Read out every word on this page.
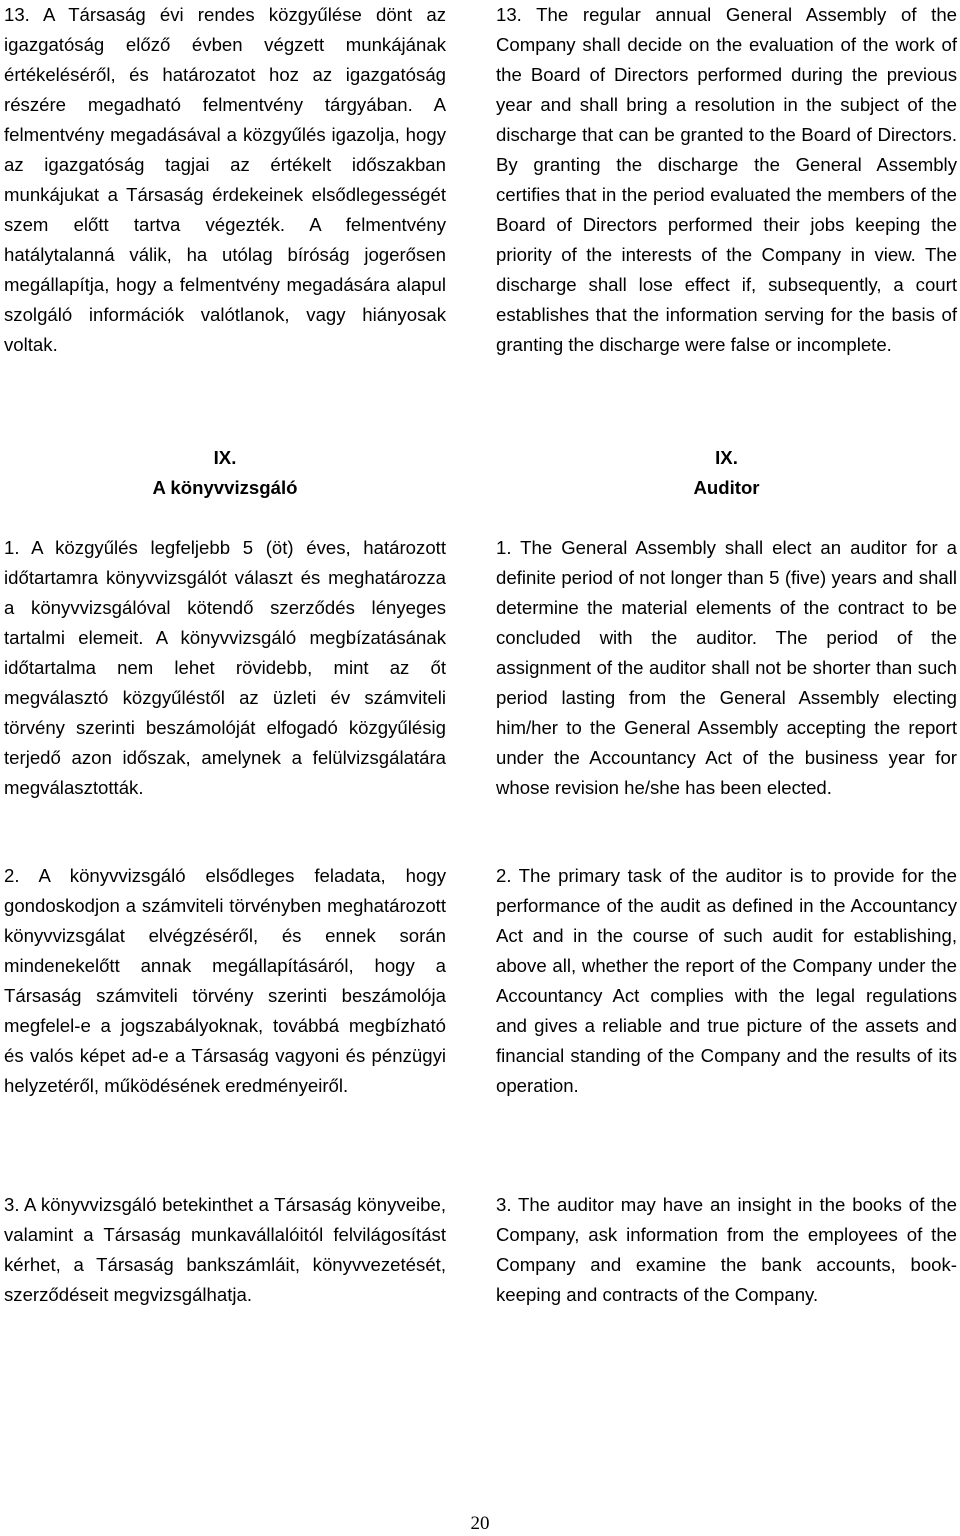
13. A Társaság évi rendes közgyűlése dönt az igazgatóság előző évben végzett munkájának értékeléséről, és határozatot hoz az igazgatóság részére megadható felmentvény tárgyában. A felmentvény megadásával a közgyűlés igazolja, hogy az igazgatóság tagjai az értékelt időszakban munkájukat a Társaság érdekeinek elsődlegességét szem előtt tartva végezték. A felmentvény hatálytalanná válik, ha utólag bíróság jogerősen megállapítja, hogy a felmentvény megadására alapul szolgáló információk valótlanok, vagy hiányosak voltak.
13. The regular annual General Assembly of the Company shall decide on the evaluation of the work of the Board of Directors performed during the previous year and shall bring a resolution in the subject of the discharge that can be granted to the Board of Directors. By granting the discharge the General Assembly certifies that in the period evaluated the members of the Board of Directors performed their jobs keeping the priority of the interests of the Company in view. The discharge shall lose effect if, subsequently, a court establishes that the information serving for the basis of granting the discharge were false or incomplete.
IX.
A könyvvizsgáló
IX.
Auditor
1. A közgyűlés legfeljebb 5 (öt) éves, határozott időtartamra könyvvizsgálót választ és meghatározza a könyvvizsgálóval kötendő szerződés lényeges tartalmi elemeit. A könyvvizsgáló megbízatásának időtartalma nem lehet rövidebb, mint az őt megválasztó közgyűléstől az üzleti év számviteli törvény szerinti beszámolóját elfogadó közgyűlésig terjedő azon időszak, amelynek a felülvizsgálatára megválasztották.
1. The General Assembly shall elect an auditor for a definite period of not longer than 5 (five) years and shall determine the material elements of the contract to be concluded with the auditor. The period of the assignment of the auditor shall not be shorter than such period lasting from the General Assembly electing him/her to the General Assembly accepting the report under the Accountancy Act of the business year for whose revision he/she has been elected.
2. A könyvvizsgáló elsődleges feladata, hogy gondoskodjon a számviteli törvényben meghatározott könyvvizsgálat elvégzéséről, és ennek során mindenekelőtt annak megállapításáról, hogy a Társaság számviteli törvény szerinti beszámolója megfelel-e a jogszabályoknak, továbbá megbízható és valós képet ad-e a Társaság vagyoni és pénzügyi helyzetéről, működésének eredményeiről.
2. The primary task of the auditor is to provide for the performance of the audit as defined in the Accountancy Act and in the course of such audit for establishing, above all, whether the report of the Company under the Accountancy Act complies with the legal regulations and gives a reliable and true picture of the assets and financial standing of the Company and the results of its operation.
3. A könyvvizsgáló betekinthet a Társaság könyveibe, valamint a Társaság munkavállalóitól felvilágosítást kérhet, a Társaság bankszámláit, könyvvezetését, szerződéseit megvizsgálhatja.
3. The auditor may have an insight in the books of the Company, ask information from the employees of the Company and examine the bank accounts, book-keeping and contracts of the Company.
20
